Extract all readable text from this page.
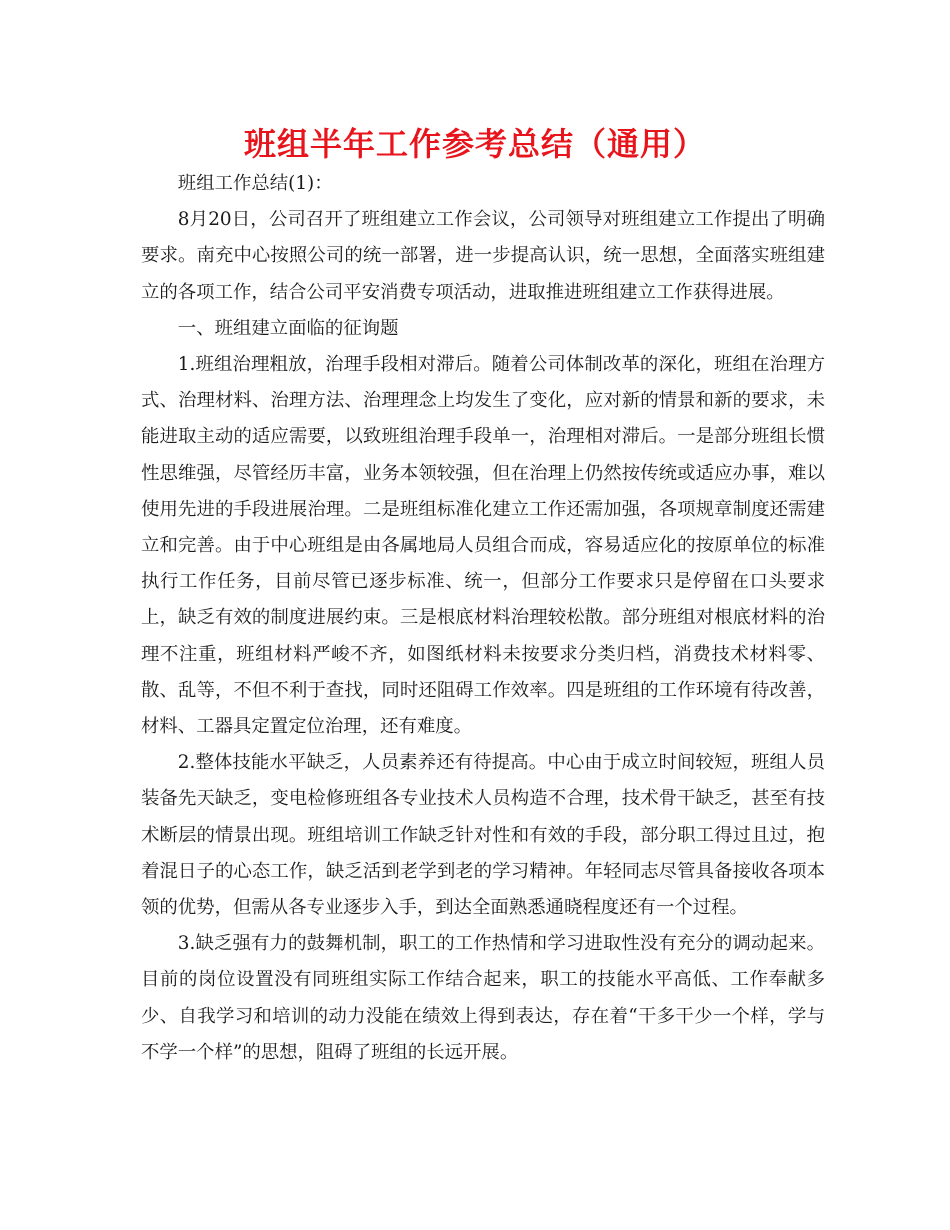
班组半年工作参考总结（通用）

班组工作总结(1)：

8月20日，公司召开了班组建立工作会议，公司领导对班组建立工作提出了明确要求。南充中心按照公司的统一部署，进一步提高认识，统一思想，全面落实班组建立的各项工作，结合公司平安消费专项活动，进取推进班组建立工作获得进展。

一、班组建立面临的征询题

1.班组治理粗放，治理手段相对滞后。随着公司体制改革的深化，班组在治理方式、治理材料、治理方法、治理理念上均发生了变化，应对新的情景和新的要求，未能进取主动的适应需要，以致班组治理手段单一，治理相对滞后。一是部分班组长惯性思维强，尽管经历丰富，业务本领较强，但在治理上仍然按传统或适应办事，难以使用先进的手段进展治理。二是班组标准化建立工作还需加强，各项规章制度还需建立和完善。由于中心班组是由各属地局人员组合而成，容易适应化的按原单位的标准执行工作任务，目前尽管已逐步标准、统一，但部分工作要求只是停留在口头要求上，缺乏有效的制度进展约束。三是根底材料治理较松散。部分班组对根底材料的治理不注重，班组材料严峻不齐，如图纸材料未按要求分类归档，消费技术材料零、散、乱等，不但不利于查找，同时还阻碍工作效率。四是班组的工作环境有待改善，材料、工器具定置定位治理，还有难度。

2.整体技能水平缺乏，人员素养还有待提高。中心由于成立时间较短，班组人员装备先天缺乏，变电检修班组各专业技术人员构造不合理，技术骨干缺乏，甚至有技术断层的情景出现。班组培训工作缺乏针对性和有效的手段，部分职工得过且过，抱着混日子的心态工作，缺乏活到老学到老的学习精神。年轻同志尽管具备接收各项本领的优势，但需从各专业逐步入手，到达全面熟悉通晓程度还有一个过程。

3.缺乏强有力的鼓舞机制，职工的工作热情和学习进取性没有充分的调动起来。目前的岗位设置没有同班组实际工作结合起来，职工的技能水平高低、工作奉献多少、自我学习和培训的动力没能在绩效上得到表达，存在着“干多干少一个样，学与不学一个样”的思想，阻碍了班组的长远开展。
